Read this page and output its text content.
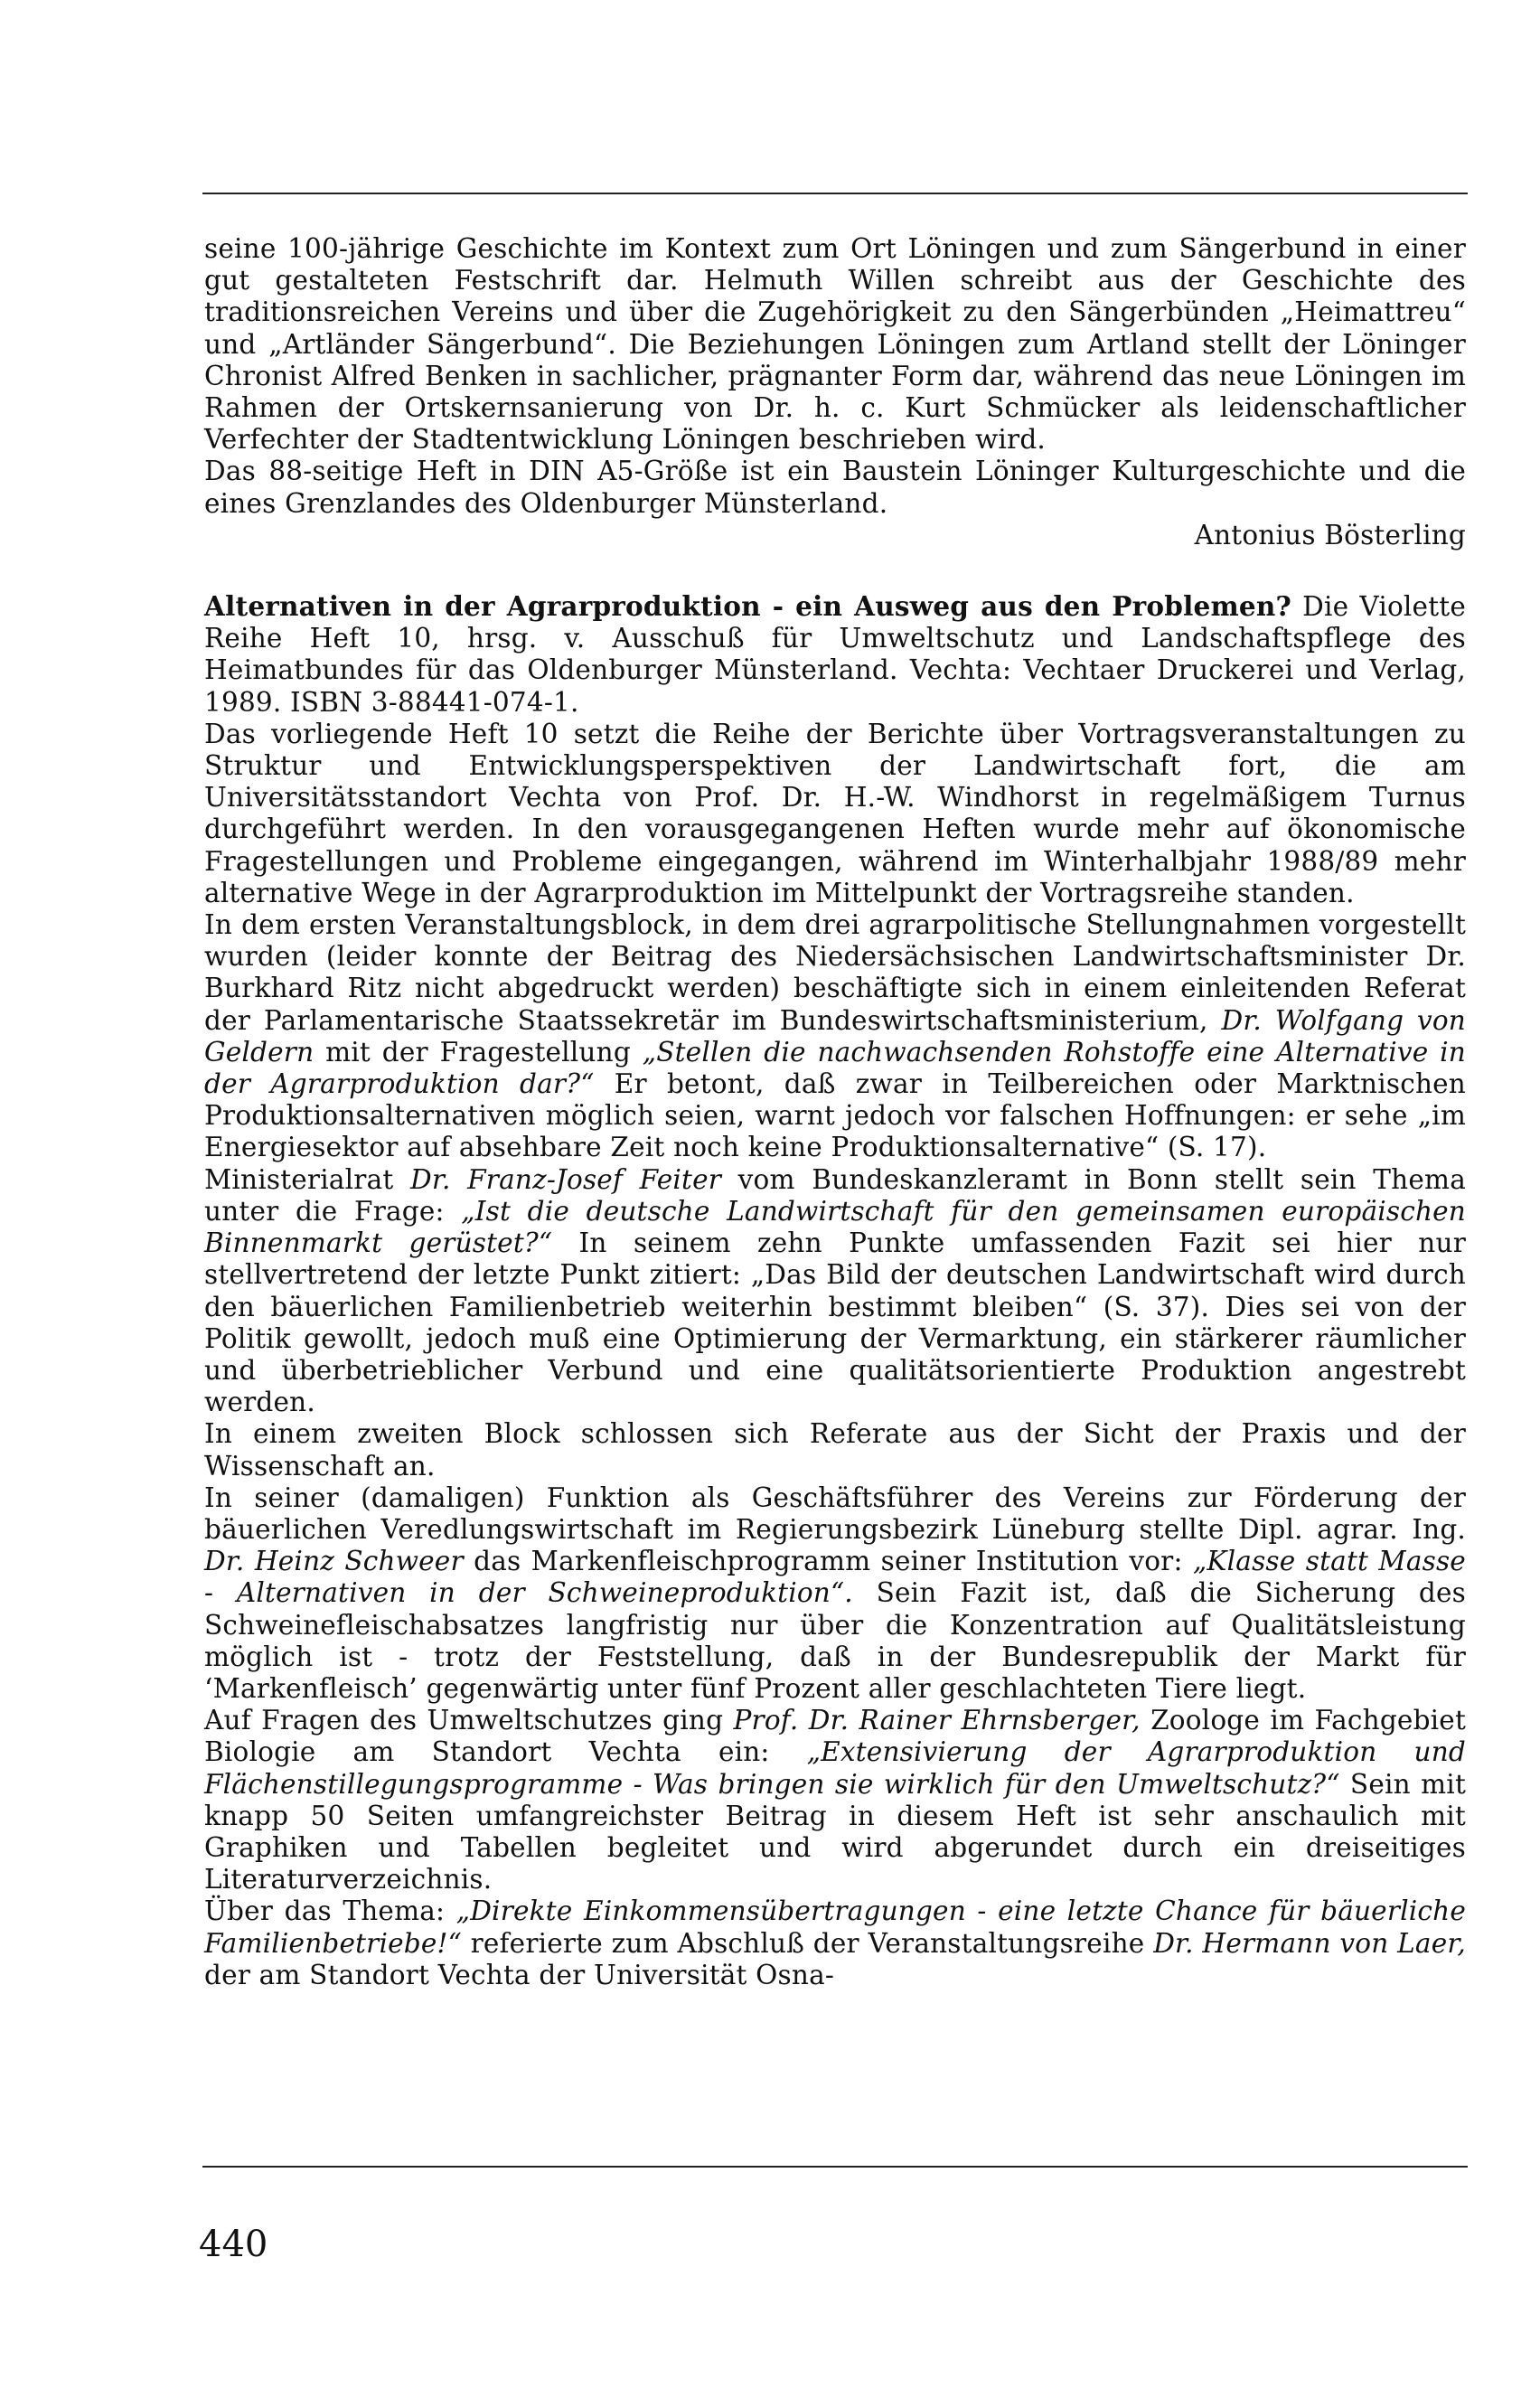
seine 100-jährige Geschichte im Kontext zum Ort Löningen und zum Sängerbund in einer gut gestalteten Festschrift dar. Helmuth Willen schreibt aus der Geschichte des traditionsreichen Vereins und über die Zugehörigkeit zu den Sängerbünden „Heimattreu“ und „Artländer Sängerbund“. Die Beziehungen Löningen zum Artland stellt der Löninger Chronist Alfred Benken in sachlicher, prägnanter Form dar, während das neue Löningen im Rahmen der Ortskernsanierung von Dr. h. c. Kurt Schmücker als leidenschaftlicher Verfechter der Stadtentwicklung Löningen beschrieben wird.

Das 88-seitige Heft in DIN A5-Größe ist ein Baustein Löninger Kulturgeschichte und die eines Grenzlandes des Oldenburger Münsterland.

Antonius Bösterling

Alternativen in der Agrarproduktion - ein Ausweg aus den Problemen? Die Violette Reihe Heft 10, hrsg. v. Ausschuß für Umweltschutz und Landschaftspflege des Heimatbundes für das Oldenburger Münsterland. Vechta: Vechtaer Druckerei und Verlag, 1989. ISBN 3-88441-074-1.

Das vorliegende Heft 10 setzt die Reihe der Berichte über Vortragsveranstaltungen zu Struktur und Entwicklungsperspektiven der Landwirtschaft fort, die am Universitätsstandort Vechta von Prof. Dr. H.-W. Windhorst in regelmäßigem Turnus durchgeführt werden. In den vorausgegangenen Heften wurde mehr auf ökonomische Fragestellungen und Probleme eingegangen, während im Winterhalbjahr 1988/89 mehr alternative Wege in der Agrarproduktion im Mittelpunkt der Vortragsreihe standen.

In dem ersten Veranstaltungsblock, in dem drei agrarpolitische Stellungnahmen vorgestellt wurden (leider konnte der Beitrag des Niedersächsischen Landwirtschaftsminister Dr. Burkhard Ritz nicht abgedruckt werden) beschäftigte sich in einem einleitenden Referat der Parlamentarische Staatssekretär im Bundeswirtschaftsministerium, Dr. Wolfgang von Geldern mit der Fragestellung „Stellen die nachwachsenden Rohstoffe eine Alternative in der Agrarproduktion dar?“ Er betont, daß zwar in Teilbereichen oder Marktnischen Produktionsalternativen möglich seien, warnt jedoch vor falschen Hoffnungen: er sehe „im Energiesektor auf absehbare Zeit noch keine Produktionsalternative“ (S. 17).

Ministerialrat Dr. Franz-Josef Feiter vom Bundeskanzleramt in Bonn stellt sein Thema unter die Frage: „Ist die deutsche Landwirtschaft für den gemeinsamen europäischen Binnenmarkt gerüstet?“ In seinem zehn Punkte umfassenden Fazit sei hier nur stellvertretend der letzte Punkt zitiert: „Das Bild der deutschen Landwirtschaft wird durch den bäuerlichen Familienbetrieb weiterhin bestimmt bleiben“ (S. 37). Dies sei von der Politik gewollt, jedoch muß eine Optimierung der Vermarktung, ein stärkerer räumlicher und überbetrieblicher Verbund und eine qualitätsorientierte Produktion angestrebt werden.

In einem zweiten Block schlossen sich Referate aus der Sicht der Praxis und der Wissenschaft an.

In seiner (damaligen) Funktion als Geschäftsführer des Vereins zur Förderung der bäuerlichen Veredlungswirtschaft im Regierungsbezirk Lüneburg stellte Dipl. agrar. Ing. Dr. Heinz Schweer das Markenfleischprogramm seiner Institution vor: „Klasse statt Masse - Alternativen in der Schweineproduktion“. Sein Fazit ist, daß die Sicherung des Schweinefleischabsatzes langfristig nur über die Konzentration auf Qualitätsleistung möglich ist - trotz der Feststellung, daß in der Bundesrepublik der Markt für ‘Markenfleisch’ gegenwärtig unter fünf Prozent aller geschlachteten Tiere liegt.

Auf Fragen des Umweltschutzes ging Prof. Dr. Rainer Ehrnsberger, Zoologe im Fachgebiet Biologie am Standort Vechta ein: „Extensivierung der Agrarproduktion und Flächenstillegungsprogramme - Was bringen sie wirklich für den Umweltschutz?“ Sein mit knapp 50 Seiten umfangreichster Beitrag in diesem Heft ist sehr anschaulich mit Graphiken und Tabellen begleitet und wird abgerundet durch ein dreiseitiges Literaturverzeichnis.

Über das Thema: „Direkte Einkommensübertragungen - eine letzte Chance für bäuerliche Familienbetriebe!“ referierte zum Abschluß der Veranstaltungsreihe Dr. Hermann von Laer, der am Standort Vechta der Universität Osna-

440
